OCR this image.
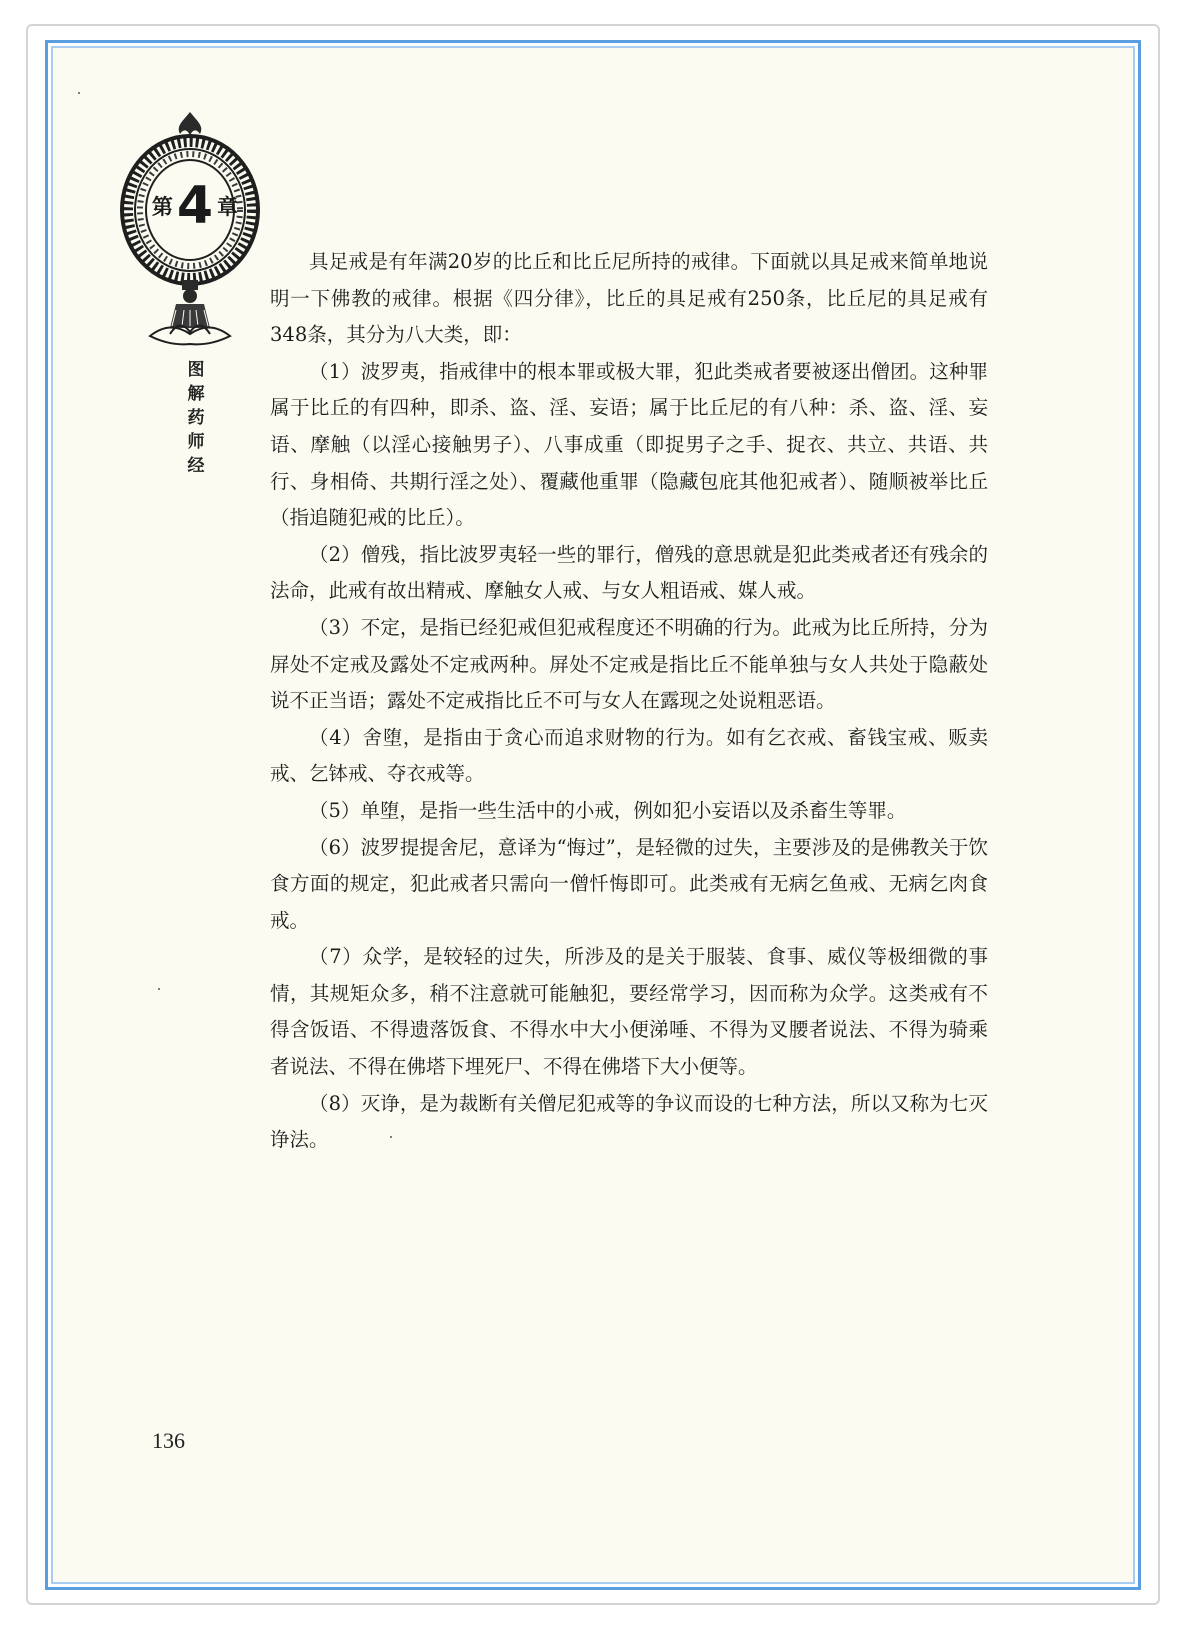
第 4 章
图解药师经

具足戒是有年满20岁的比丘和比丘尼所持的戒律。下面就以具足戒来简单地说明一下佛教的戒律。根据《四分律》，比丘的具足戒有250条，比丘尼的具足戒有348条，其分为八大类，即：

（1）波罗夷，指戒律中的根本罪或极大罪，犯此类戒者要被逐出僧团。这种罪属于比丘的有四种，即杀、盗、淫、妄语；属于比丘尼的有八种：杀、盗、淫、妄语、摩触（以淫心接触男子）、八事成重（即捉男子之手、捉衣、共立、共语、共行、身相倚、共期行淫之处）、覆藏他重罪（隐藏包庇其他犯戒者）、随顺被举比丘（指追随犯戒的比丘）。

（2）僧残，指比波罗夷轻一些的罪行，僧残的意思就是犯此类戒者还有残余的法命，此戒有故出精戒、摩触女人戒、与女人粗语戒、媒人戒。

（3）不定，是指已经犯戒但犯戒程度还不明确的行为。此戒为比丘所持，分为屏处不定戒及露处不定戒两种。屏处不定戒是指比丘不能单独与女人共处于隐蔽处说不正当语；露处不定戒指比丘不可与女人在露现之处说粗恶语。

（4）舍堕，是指由于贪心而追求财物的行为。如有乞衣戒、畜钱宝戒、贩卖戒、乞钵戒、夺衣戒等。

（5）单堕，是指一些生活中的小戒，例如犯小妄语以及杀畜生等罪。

（6）波罗提提舍尼，意译为“悔过”，是轻微的过失，主要涉及的是佛教关于饮食方面的规定，犯此戒者只需向一僧忏悔即可。此类戒有无病乞鱼戒、无病乞肉食戒。

（7）众学，是较轻的过失，所涉及的是关于服装、食事、威仪等极细微的事情，其规矩众多，稍不注意就可能触犯，要经常学习，因而称为众学。这类戒有不得含饭语、不得遗落饭食、不得水中大小便涕唾、不得为叉腰者说法、不得为骑乘者说法、不得在佛塔下埋死尸、不得在佛塔下大小便等。

（8）灭诤，是为裁断有关僧尼犯戒等的争议而设的七种方法，所以又称为七灭诤法。

136
